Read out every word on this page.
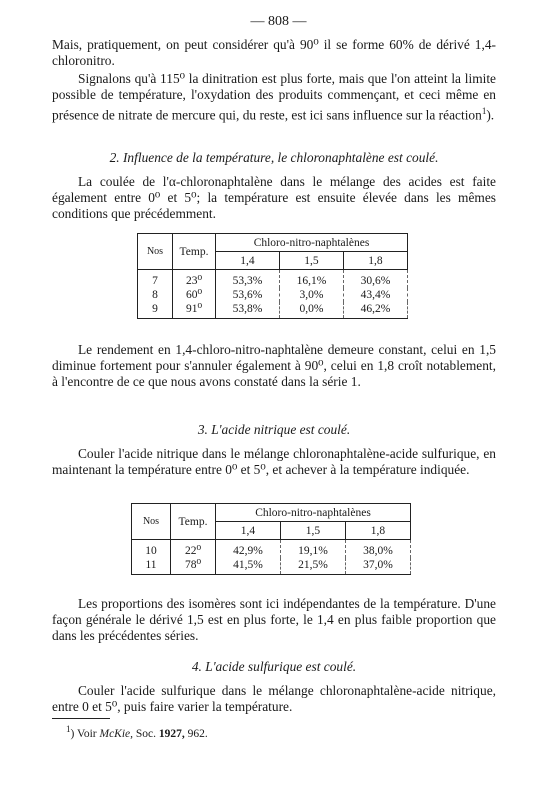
— 808 —

Mais, pratiquement, on peut considérer qu'à 90⁰ il se forme 60% de dérivé 1,4-chloronitro.

Signalons qu'à 115⁰ la dinitration est plus forte, mais que l'on atteint la limite possible de température, l'oxydation des produits commençant, et ceci même en présence de nitrate de mercure qui, du reste, est ici sans influence sur la réaction$^1$).

2. Influence de la température, le chloronaphtalène est coulé.

La coulée de l'α-chloronaphtalène dans le mélange des acides est faite également entre 0⁰ et 5⁰; la température est ensuite élevée dans les mêmes conditions que précédemment.

Nos	Temp.	Chloro-nitro-naphtalènes		
		1,4	1,5	1,8
7	23⁰	53,3%	16,1%	30,6%
8	60⁰	53,6%	3,0%	43,4%
9	91⁰	53,8%	0,0%	46,2%

Le rendement en 1,4-chloro-nitro-naphtalène demeure constant, celui en 1,5 diminue fortement pour s'annuler également à 90⁰, celui en 1,8 croît notablement, à l'encontre de ce que nous avons constaté dans la série 1.

3. L'acide nitrique est coulé.

Couler l'acide nitrique dans le mélange chloronaphtalène-acide sulfurique, en maintenant la température entre 0⁰ et 5⁰, et achever à la température indiquée.

Nos	Temp.	Chloro-nitro-naphtalènes		
		1,4	1,5	1,8
10	22⁰	42,9%	19,1%	38,0%
11	78⁰	41,5%	21,5%	37,0%

Les proportions des isomères sont ici indépendantes de la température. D'une façon générale le dérivé 1,5 est en plus forte, le 1,4 en plus faible proportion que dans les précédentes séries.

4. L'acide sulfurique est coulé.

Couler l'acide sulfurique dans le mélange chloronaphtalène-acide nitrique, entre 0 et 5⁰, puis faire varier la température.

$^1$) Voir McKie, Soc. 1927, 962.
